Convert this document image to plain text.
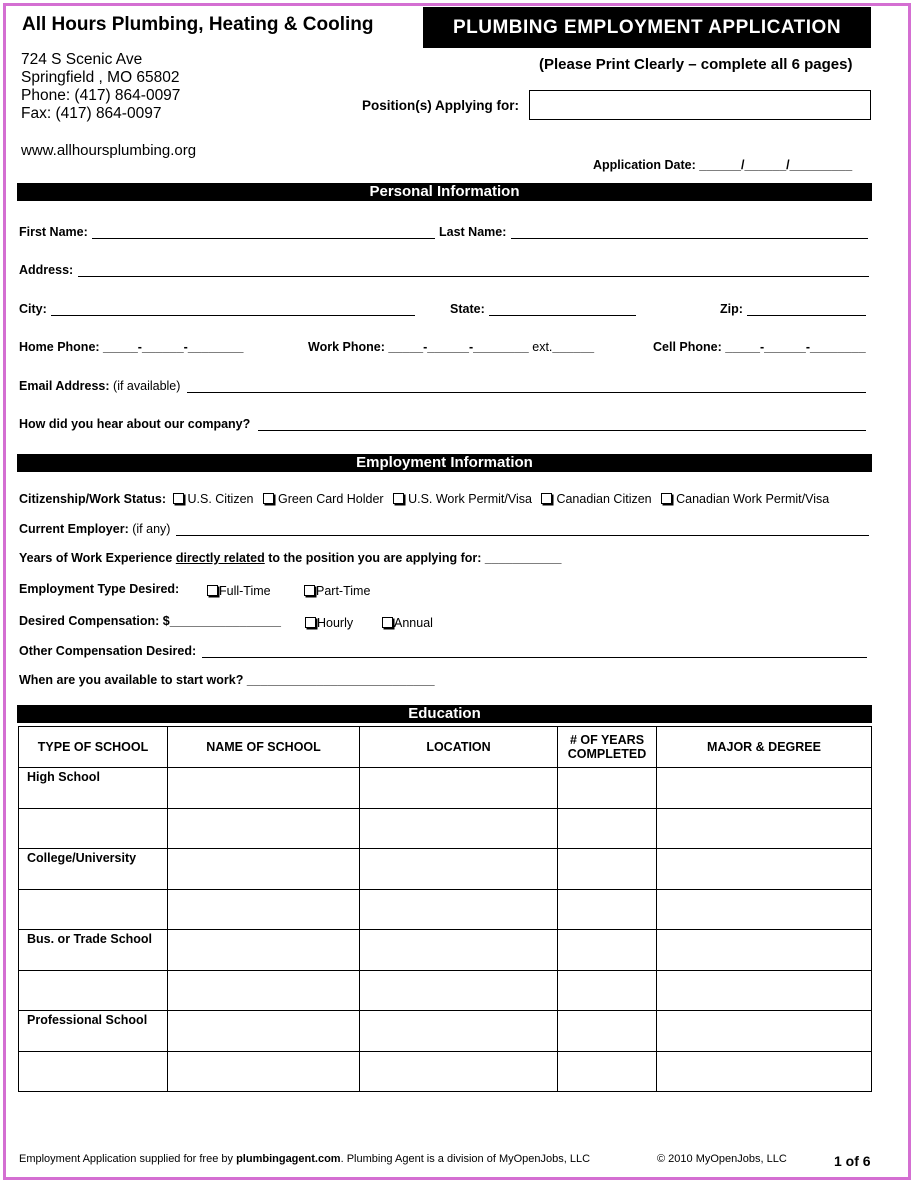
All Hours Plumbing, Heating & Cooling
724 S Scenic Ave
Springfield , MO 65802
Phone: (417) 864-0097
Fax: (417) 864-0097
www.allhoursplumbing.org
PLUMBING EMPLOYMENT APPLICATION
(Please Print Clearly – complete all 6 pages)
Position(s) Applying for:
Application Date: ______/______/_________
Personal Information
First Name:	Last Name:
Address:
City:	State:	Zip:
Home Phone: _____-______-________	Work Phone: _____-______-________ ext.______	Cell Phone: _____-______-________
Email Address: (if available)
How did you hear about our company?
Employment Information
Citizenship/Work Status: U.S. Citizen Green Card Holder U.S. Work Permit/Visa Canadian Citizen Canadian Work Permit/Visa
Current Employer: (if any)
Years of Work Experience directly related to the position you are applying for: ___________
Employment Type Desired:	Full-Time	Part-Time
Desired Compensation: $________________	Hourly	Annual
Other Compensation Desired:
When are you available to start work? ___________________________
Education
TYPE OF SCHOOL	NAME OF SCHOOL	LOCATION	# OF YEARS COMPLETED	MAJOR & DEGREE

High School				

College/University				

Bus. or Trade School				

Professional School				

Employment Application supplied for free by plumbingagent.com. Plumbing Agent is a division of MyOpenJobs, LLC	© 2010 MyOpenJobs, LLC	1 of 6
